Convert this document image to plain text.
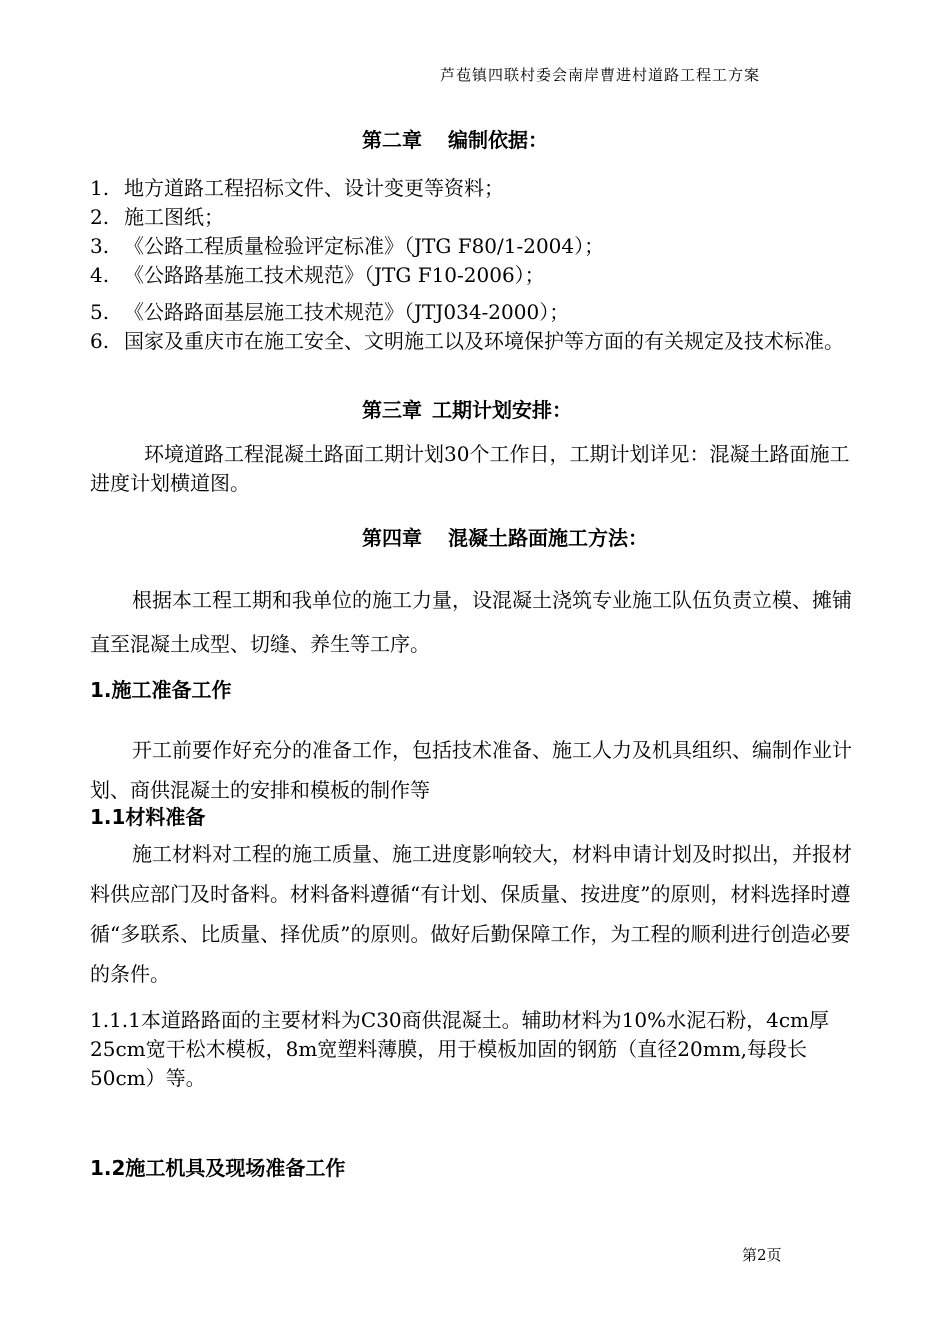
芦苞镇四联村委会南岸曹进村道路工程工方案
第二章 编制依据：
1. 地方道路工程招标文件、设计变更等资料；
2. 施工图纸；
3. 《公路工程质量检验评定标准》（JTG F80/1-2004）；
4. 《公路路基施工技术规范》（JTG F10-2006）；
5. 《公路路面基层施工技术规范》（JTJ034-2000）；
6. 国家及重庆市在施工安全、文明施工以及环境保护等方面的有关规定及技术标准。
第三章 工期计划安排：
环境道路工程混凝土路面工期计划30个工作日，工期计划详见：混凝土路面施工进度计划横道图。
第四章 混凝土路面施工方法：
根据本工程工期和我单位的施工力量，设混凝土浇筑专业施工队伍负责立模、摊铺直至混凝土成型、切缝、养生等工序。
1.施工准备工作
开工前要作好充分的准备工作，包括技术准备、施工人力及机具组织、编制作业计划、商供混凝土的安排和模板的制作等
1.1材料准备
施工材料对工程的施工质量、施工进度影响较大，材料申请计划及时拟出，并报材料供应部门及时备料。材料备料遵循“有计划、保质量、按进度”的原则，材料选择时遵循“多联系、比质量、择优质”的原则。做好后勤保障工作，为工程的顺利进行创造必要的条件。
1.1.1本道路路面的主要材料为C30商供混凝土。辅助材料为10%水泥石粉，4cm厚25cm宽干松木模板，8m宽塑料薄膜，用于模板加固的钢筋（直径20mm,每段长50cm）等。
1.2施工机具及现场准备工作
第2页
